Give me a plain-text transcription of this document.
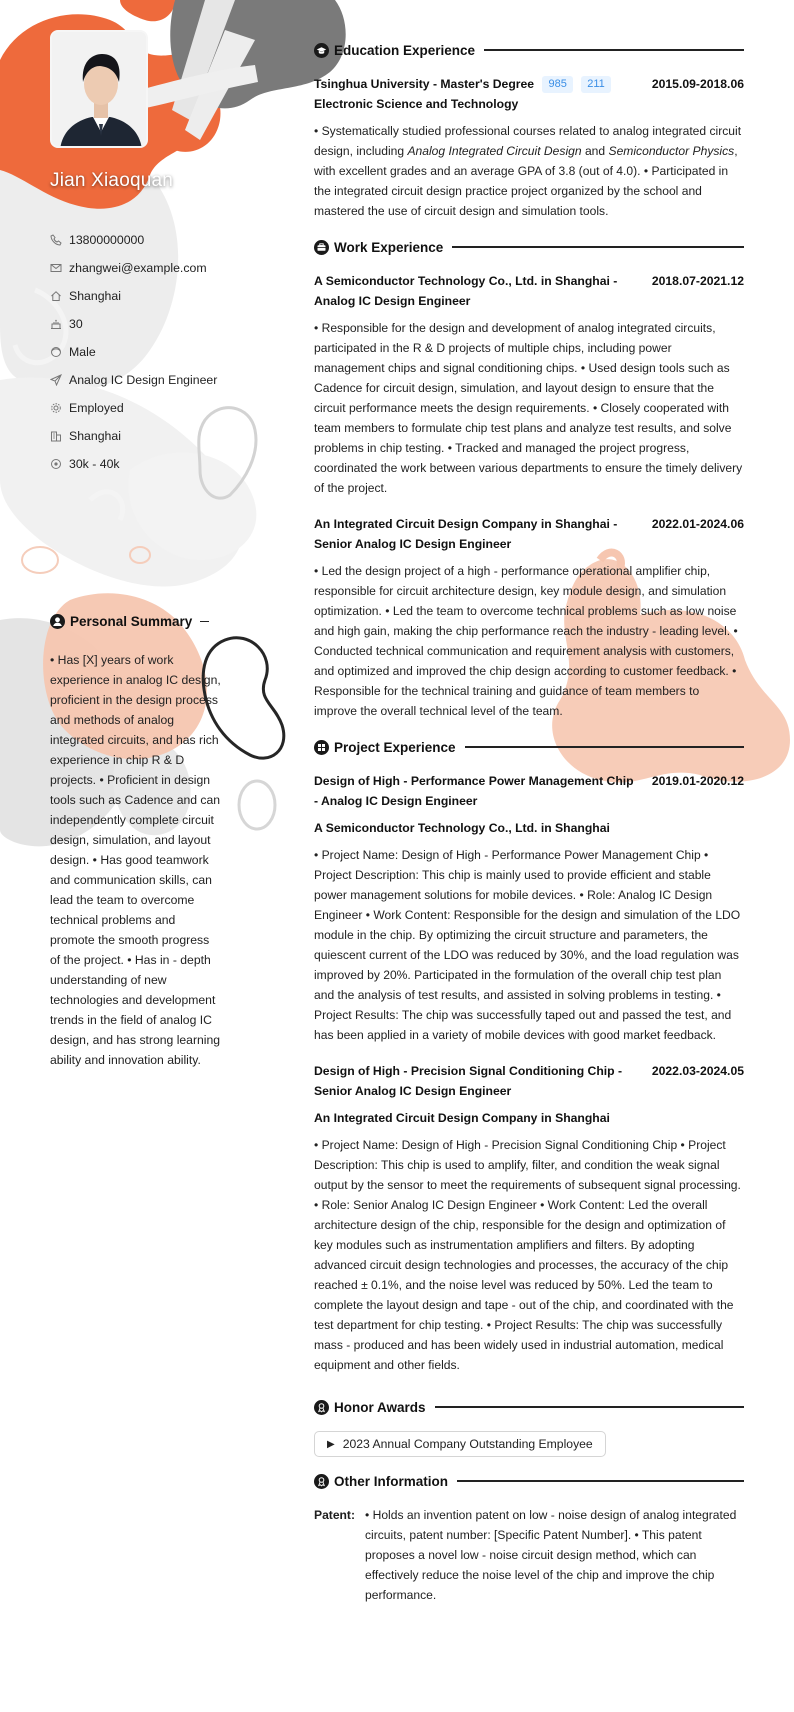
Jian Xiaoquan
13800000000
zhangwei@example.com
Shanghai
30
Male
Analog IC Design Engineer
Employed
Shanghai
30k - 40k
Personal Summary
• Has [X] years of work experience in analog IC design, proficient in the design process and methods of analog integrated circuits, and has rich experience in chip R & D projects. • Proficient in design tools such as Cadence and can independently complete circuit design, simulation, and layout design. • Has good teamwork and communication skills, can lead the team to overcome technical problems and promote the smooth progress of the project. • Has in - depth understanding of new technologies and development trends in the field of analog IC design, and has strong learning ability and innovation ability.
Education Experience
Tsinghua University - Master's Degree 985 211	2015.09-2018.06
Electronic Science and Technology
• Systematically studied professional courses related to analog integrated circuit design, including Analog Integrated Circuit Design and Semiconductor Physics, with excellent grades and an average GPA of 3.8 (out of 4.0). • Participated in the integrated circuit design practice project organized by the school and mastered the use of circuit design and simulation tools.
Work Experience
A Semiconductor Technology Co., Ltd. in Shanghai - Analog IC Design Engineer
2018.07-2021.12
• Responsible for the design and development of analog integrated circuits, participated in the R & D projects of multiple chips, including power management chips and signal conditioning chips. • Used design tools such as Cadence for circuit design, simulation, and layout design to ensure that the circuit performance meets the design requirements. • Closely cooperated with team members to formulate chip test plans and analyze test results, and solve problems in chip testing. • Tracked and managed the project progress, coordinated the work between various departments to ensure the timely delivery of the project.
An Integrated Circuit Design Company in Shanghai - Senior Analog IC Design Engineer
2022.01-2024.06
• Led the design project of a high - performance operational amplifier chip, responsible for circuit architecture design, key module design, and simulation optimization. • Led the team to overcome technical problems such as low noise and high gain, making the chip performance reach the industry - leading level. • Conducted technical communication and requirement analysis with customers, and optimized and improved the chip design according to customer feedback. • Responsible for the technical training and guidance of team members to improve the overall technical level of the team.
Project Experience
Design of High - Performance Power Management Chip - Analog IC Design Engineer
2019.01-2020.12
A Semiconductor Technology Co., Ltd. in Shanghai
• Project Name: Design of High - Performance Power Management Chip • Project Description: This chip is mainly used to provide efficient and stable power management solutions for mobile devices. • Role: Analog IC Design Engineer • Work Content: Responsible for the design and simulation of the LDO module in the chip. By optimizing the circuit structure and parameters, the quiescent current of the LDO was reduced by 30%, and the load regulation was improved by 20%. Participated in the formulation of the overall chip test plan and the analysis of test results, and assisted in solving problems in testing. • Project Results: The chip was successfully taped out and passed the test, and has been applied in a variety of mobile devices with good market feedback.
Design of High - Precision Signal Conditioning Chip - Senior Analog IC Design Engineer
2022.03-2024.05
An Integrated Circuit Design Company in Shanghai
• Project Name: Design of High - Precision Signal Conditioning Chip • Project Description: This chip is used to amplify, filter, and condition the weak signal output by the sensor to meet the requirements of subsequent signal processing. • Role: Senior Analog IC Design Engineer • Work Content: Led the overall architecture design of the chip, responsible for the design and optimization of key modules such as instrumentation amplifiers and filters. By adopting advanced circuit design technologies and processes, the accuracy of the chip reached ± 0.1%, and the noise level was reduced by 50%. Led the team to complete the layout design and tape - out of the chip, and coordinated with the test department for chip testing. • Project Results: The chip was successfully mass - produced and has been widely used in industrial automation, medical equipment and other fields.
Honor Awards
▶ 2023 Annual Company Outstanding Employee
Other Information
Patent: • Holds an invention patent on low - noise design of analog integrated circuits, patent number: [Specific Patent Number]. • This patent proposes a novel low - noise circuit design method, which can effectively reduce the noise level of the chip and improve the chip performance.
